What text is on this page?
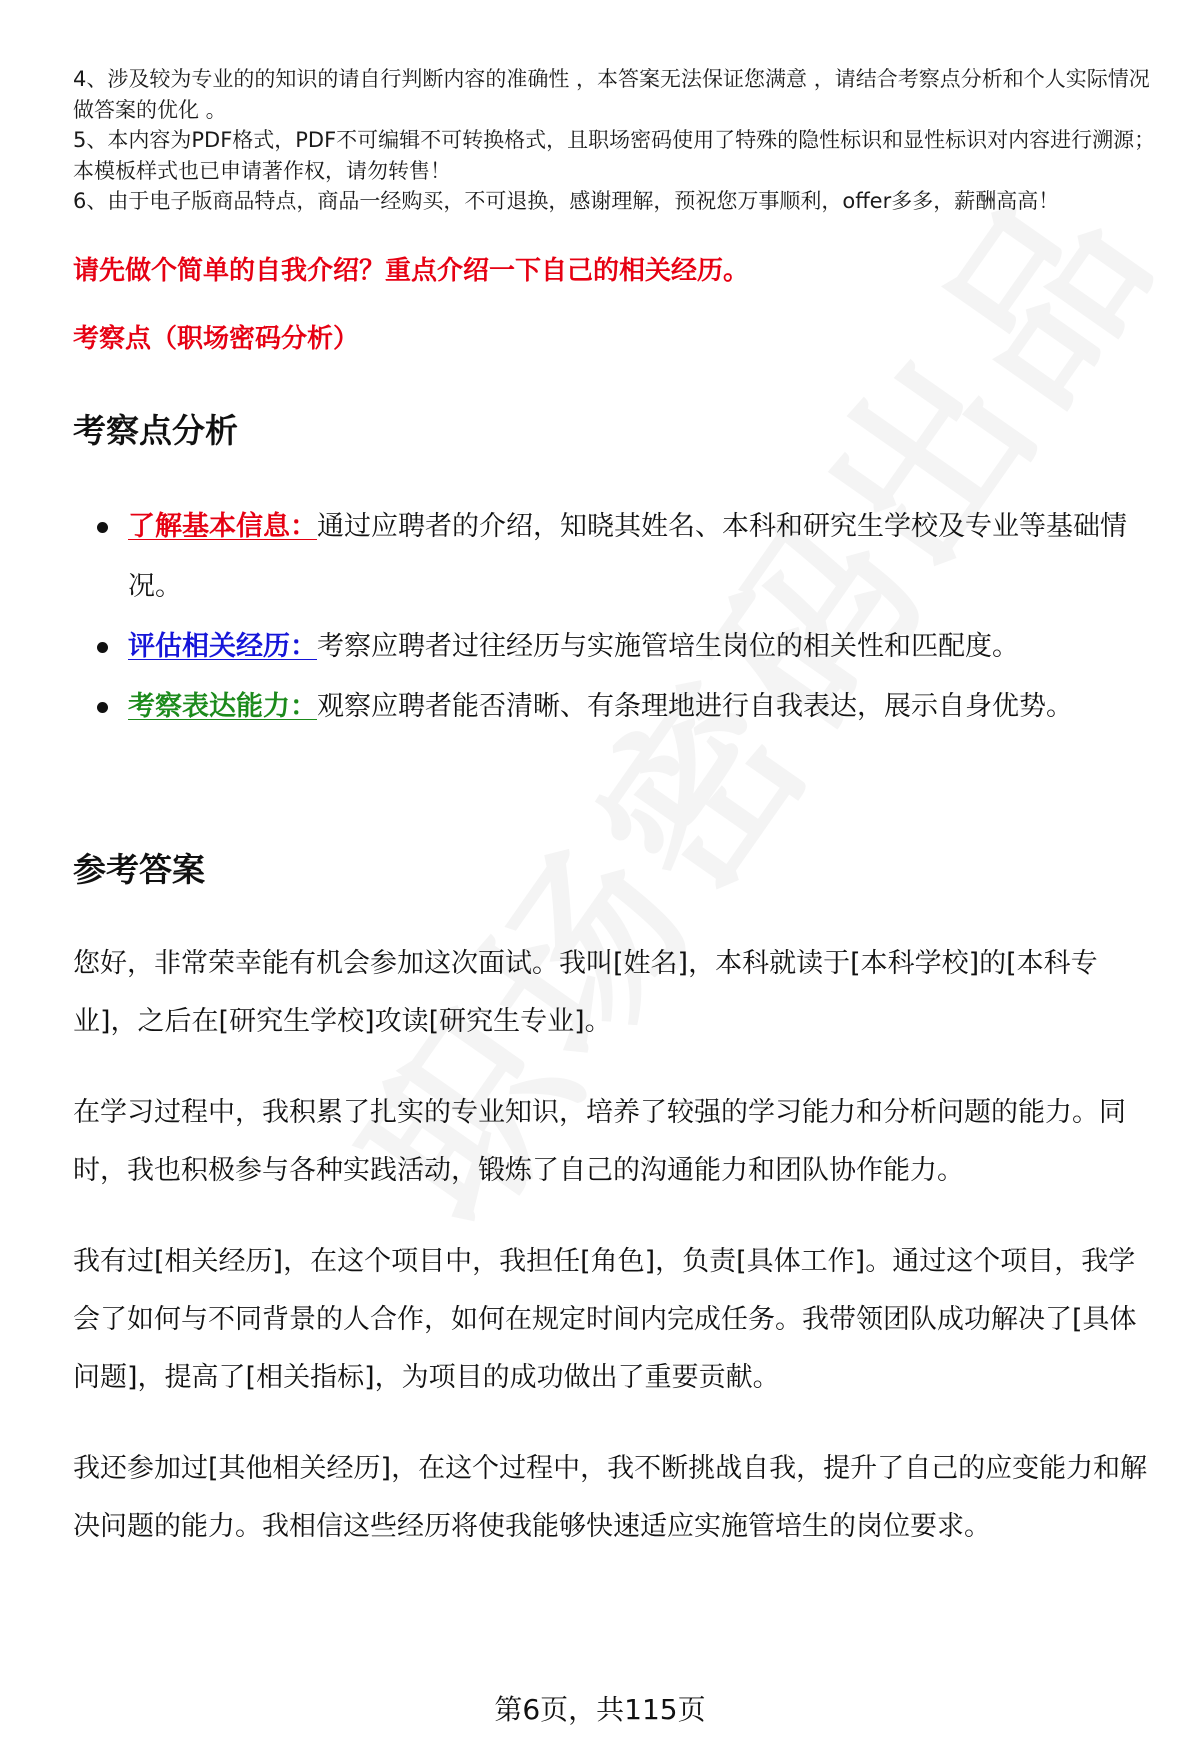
4、涉及较为专业的的知识的请自行判断内容的准确性 ，本答案无法保证您满意 ，请结合考察点分析和个人实际情况做答案的优化 。

5、本内容为PDF格式，PDF不可编辑不可转换格式，且职场密码使用了特殊的隐性标识和显性标识对内容进行溯源；本模板样式也已申请著作权，请勿转售！

6、由于电子版商品特点，商品一经购买，不可退换，感谢理解，预祝您万事顺利，offer多多，薪酬高高！

请先做个简单的自我介绍？重点介绍一下自己的相关经历。
考察点（职场密码分析）
考察点分析
了解基本信息：通过应聘者的介绍，知晓其姓名、本科和研究生学校及专业等基础情况。
评估相关经历：考察应聘者过往经历与实施管培生岗位的相关性和匹配度。
考察表达能力：观察应聘者能否清晰、有条理地进行自我表达，展示自身优势。
参考答案

您好，非常荣幸能有机会参加这次面试。我叫[姓名]，本科就读于[本科学校]的[本科专业]，之后在[研究生学校]攻读[研究生专业]。

在学习过程中，我积累了扎实的专业知识，培养了较强的学习能力和分析问题的能力。同时，我也积极参与各种实践活动，锻炼了自己的沟通能力和团队协作能力。

我有过[相关经历]，在这个项目中，我担任[角色]，负责[具体工作]。通过这个项目，我学会了如何与不同背景的人合作，如何在规定时间内完成任务。我带领团队成功解决了[具体问题]，提高了[相关指标]，为项目的成功做出了重要贡献。

我还参加过[其他相关经历]，在这个过程中，我不断挑战自我，提升了自己的应变能力和解决问题的能力。我相信这些经历将使我能够快速适应实施管培生的岗位要求。

第6页，共115页
